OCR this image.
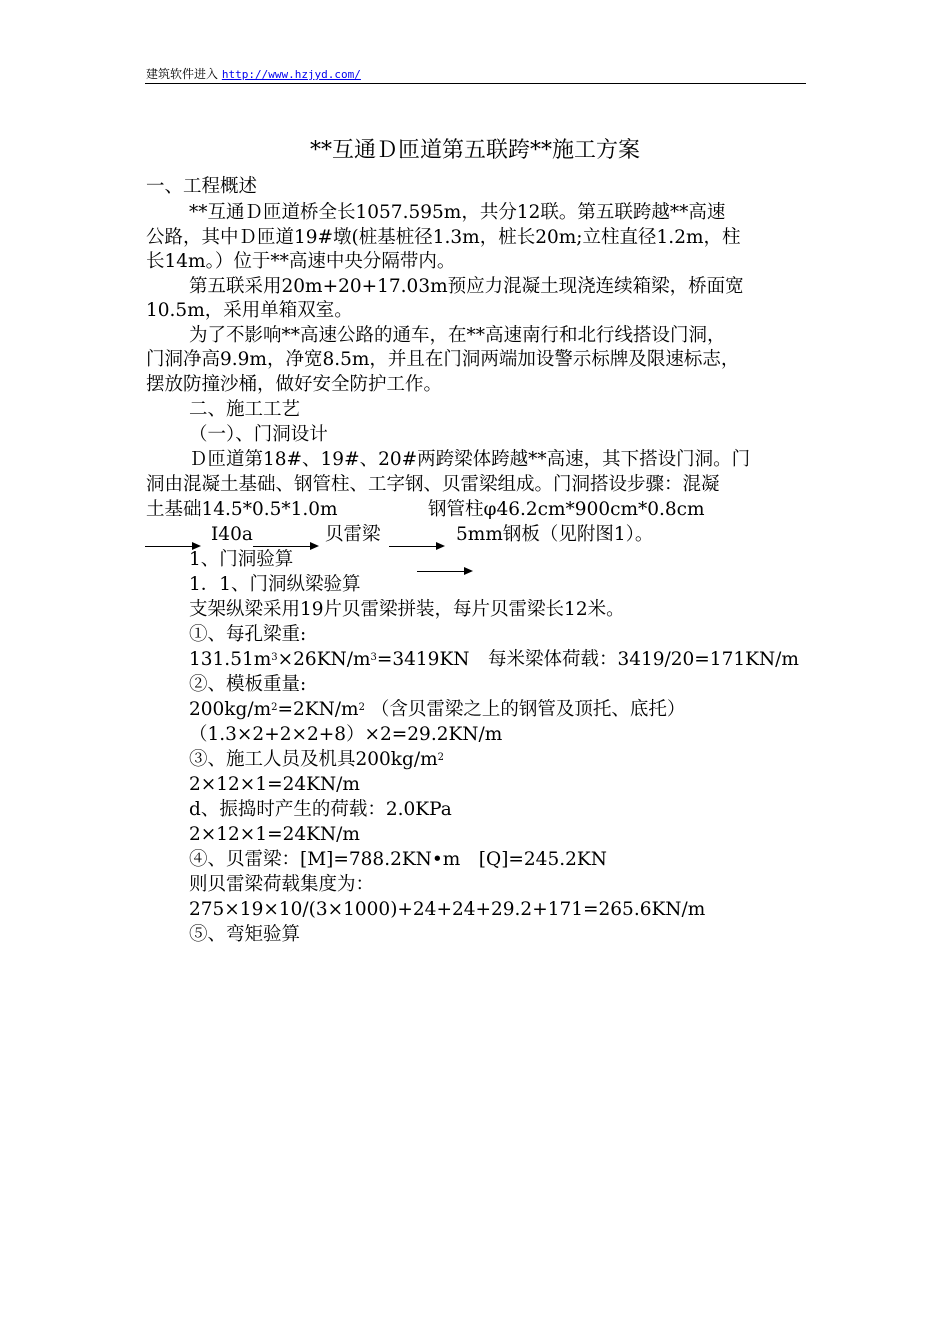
建筑软件进入 http://www.hzjyd.com/
**互通Ｄ匝道第五联跨**施工方案
一、工程概述
**互通Ｄ匝道桥全长1057.595m，共分12联。第五联跨越**高速
公路，其中Ｄ匝道19#墩(桩基桩径1.3m，桩长20m;立柱直径1.2m，柱
长14m。）位于**高速中央分隔带内。
第五联采用20m+20+17.03m预应力混凝土现浇连续箱梁，桥面宽
10.5m，采用单箱双室。
为了不影响**高速公路的通车，在**高速南行和北行线搭设门洞，
门洞净高9.9m，净宽8.5m，并且在门洞两端加设警示标牌及限速标志，
摆放防撞沙桶，做好安全防护工作。
二、施工工艺
（一）、门洞设计
Ｄ匝道第18#、19#、20#两跨梁体跨越**高速，其下搭设门洞。门
洞由混凝土基础、钢管柱、工字钢、贝雷梁组成。门洞搭设步骤：混凝
土基础14.5*0.5*1.0m	钢管柱φ46.2cm*900cm*0.8cm
I40a	贝雷梁	5mm钢板（见附图1）。
1、门洞验算
1．1、门洞纵梁验算
支架纵梁采用19片贝雷梁拼装，每片贝雷梁长12米。
①、每孔梁重:
$131.51m^3\times 26KN/m^3=3419KN$　每米梁体荷载：3419/20=171KN/m
②、模板重量:
$200kg/m^2=2KN/m^2$ （含贝雷梁之上的钢管及顶托、底托）
（1.3×2+2×2+8）×2=29.2KN/m
③、施工人员及机具$200kg/m^2$
2×12×1=24KN/m
d、振捣时产生的荷载：2.0KPa
2×12×1=24KN/m
④、贝雷梁：[M]=788.2KN•m　[Q]=245.2KN
则贝雷梁荷载集度为：
275×19×10/(3×1000)+24+24+29.2+171=265.6KN/m
⑤、弯矩验算
